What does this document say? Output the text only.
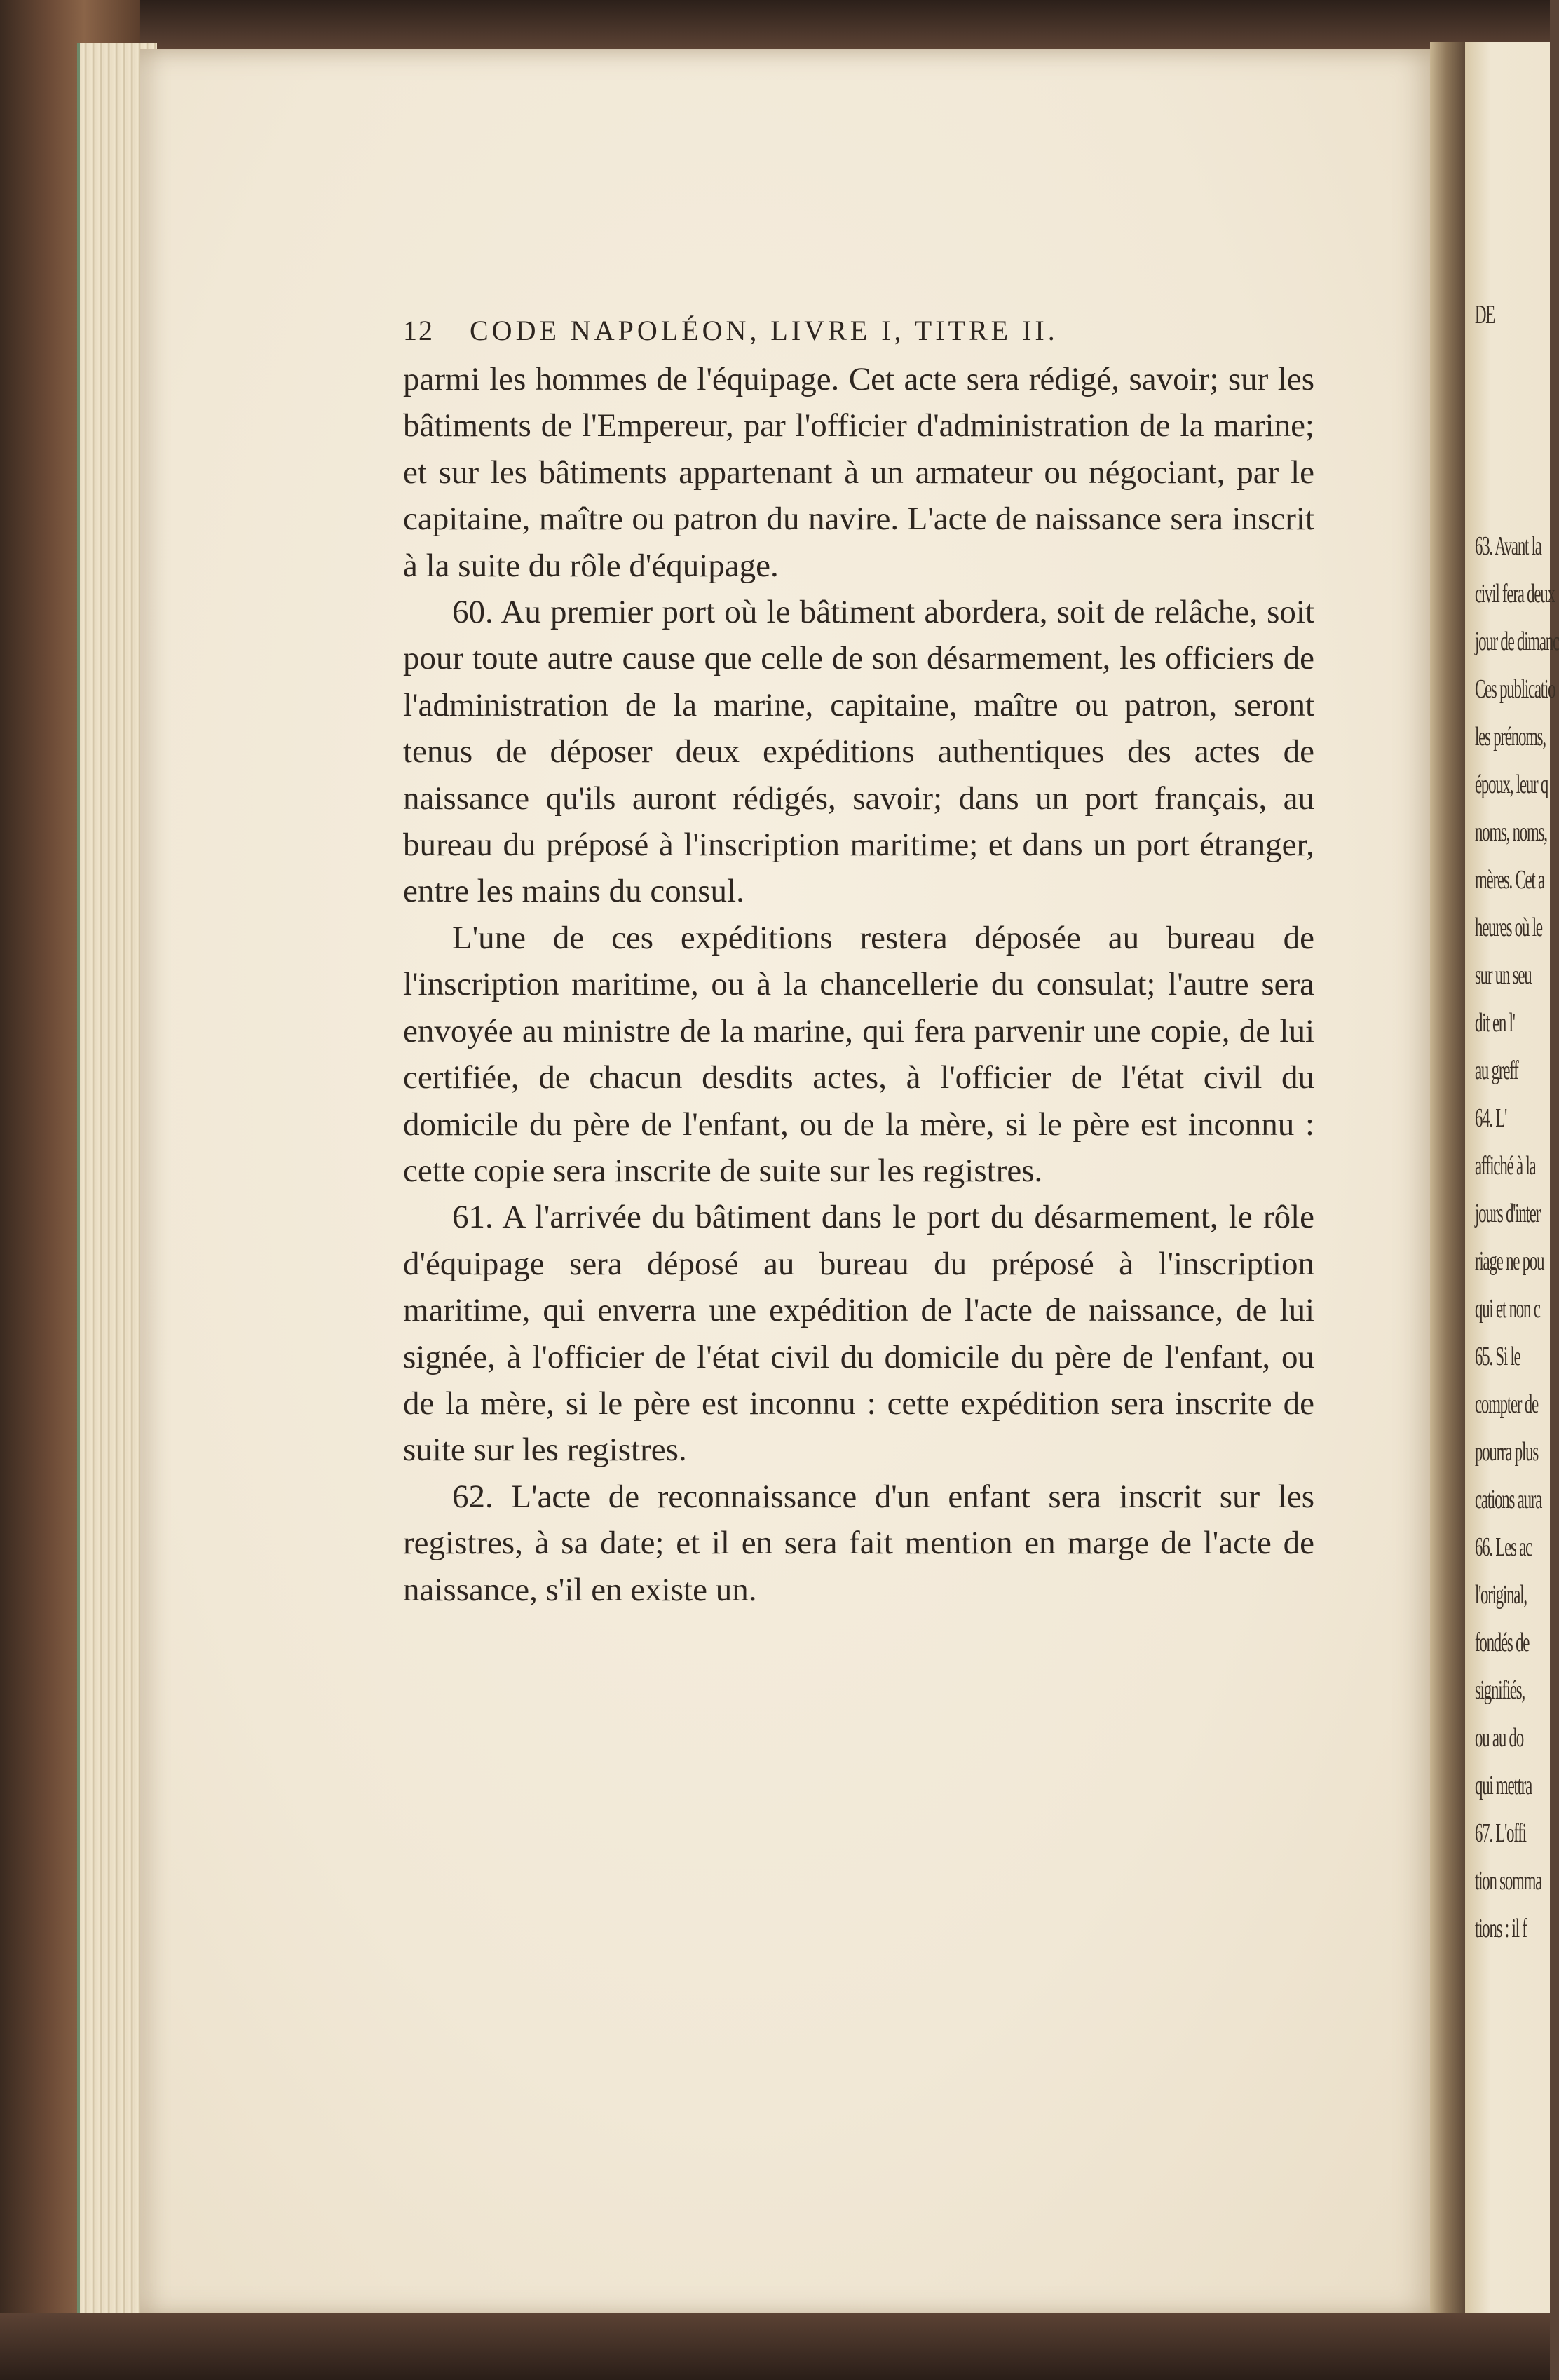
DE
63. Avant la
civil fera deux
jour de dimanc
Ces publicatio
les prénoms,
époux, leur q
noms, noms,
mères. Cet a
heures où le
sur un seu
dit en l'
au greff
64. L'
affiché à la
jours d'inter
riage ne pou
qui et non c
65. Si le
compter de
pourra plus
cations aura
66. Les ac
l'original,
fondés de
signifiés,
ou au do
qui mettra
67. L'offi
tion somma
tions : il f
12	CODE NAPOLÉON, LIVRE I, TITRE II.

parmi les hommes de l'équipage. Cet acte sera rédigé, savoir; sur les bâtiments de l'Empereur, par l'officier d'administration de la marine; et sur les bâtiments appartenant à un armateur ou négociant, par le capitaine, maître ou patron du navire. L'acte de naissance sera inscrit à la suite du rôle d'équipage.

60. Au premier port où le bâtiment abordera, soit de relâche, soit pour toute autre cause que celle de son désarmement, les officiers de l'administration de la marine, capitaine, maître ou patron, seront tenus de déposer deux expéditions authentiques des actes de naissance qu'ils auront rédigés, savoir; dans un port français, au bureau du préposé à l'inscription maritime; et dans un port étranger, entre les mains du consul.

L'une de ces expéditions restera déposée au bureau de l'inscription maritime, ou à la chancellerie du consulat; l'autre sera envoyée au ministre de la marine, qui fera parvenir une copie, de lui certifiée, de chacun desdits actes, à l'officier de l'état civil du domicile du père de l'enfant, ou de la mère, si le père est inconnu : cette copie sera inscrite de suite sur les registres.

61. A l'arrivée du bâtiment dans le port du désarmement, le rôle d'équipage sera déposé au bureau du préposé à l'inscription maritime, qui enverra une expédition de l'acte de naissance, de lui signée, à l'officier de l'état civil du domicile du père de l'enfant, ou de la mère, si le père est inconnu : cette expédition sera inscrite de suite sur les registres.

62. L'acte de reconnaissance d'un enfant sera inscrit sur les registres, à sa date; et il en sera fait mention en marge de l'acte de naissance, s'il en existe un.
